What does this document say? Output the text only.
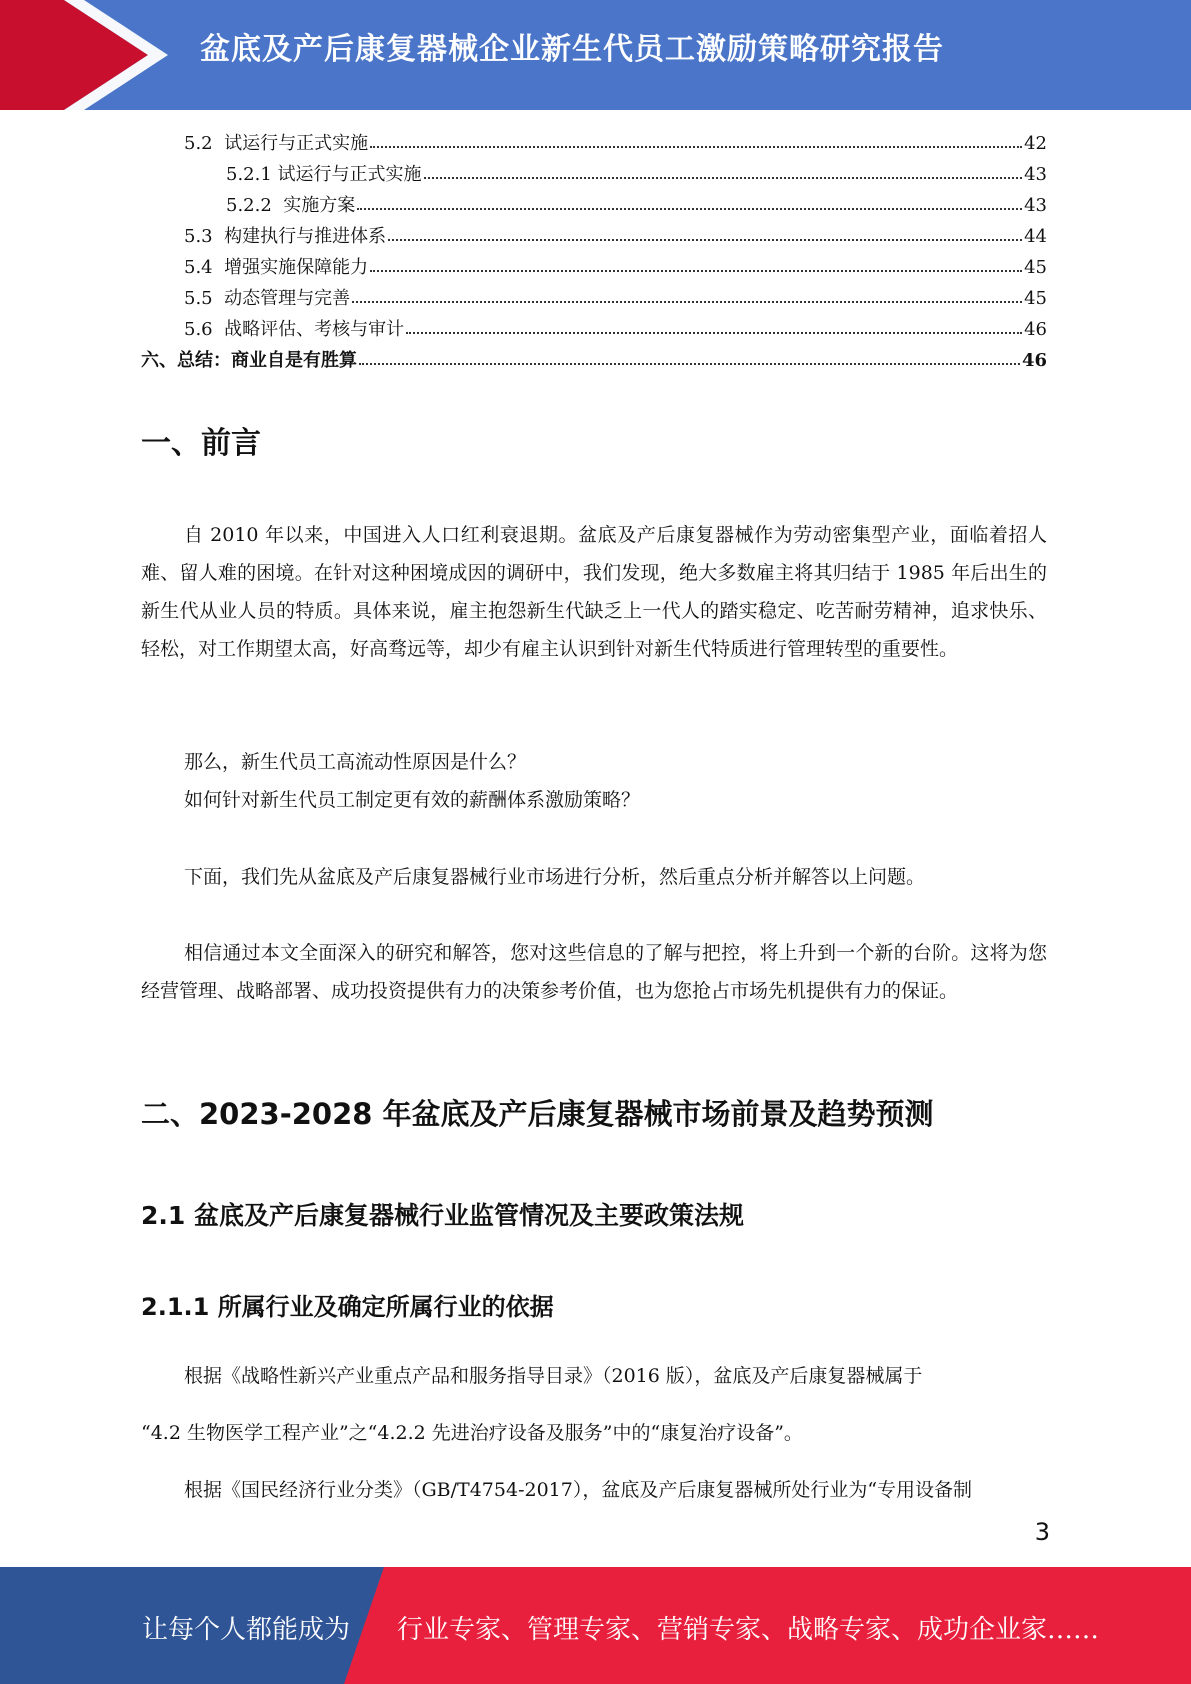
盆底及产后康复器械企业新生代员工激励策略研究报告
5.2 试运行与正式实施	42
5.2.1 试运行与正式实施	43
5.2.2 实施方案	43
5.3 构建执行与推进体系	44
5.4 增强实施保障能力	45
5.5 动态管理与完善	45
5.6 战略评估、考核与审计	46
六、总结：商业自是有胜算	46
一、前言

自 2010 年以来，中国进入人口红利衰退期。盆底及产后康复器械作为劳动密集型产业，面临着招人难、留人难的困境。在针对这种困境成因的调研中，我们发现，绝大多数雇主将其归结于 1985 年后出生的新生代从业人员的特质。具体来说，雇主抱怨新生代缺乏上一代人的踏实稳定、吃苦耐劳精神，追求快乐、轻松，对工作期望太高，好高骛远等，却少有雇主认识到针对新生代特质进行管理转型的重要性。

那么，新生代员工高流动性原因是什么？

如何针对新生代员工制定更有效的薪酬体系激励策略？

下面，我们先从盆底及产后康复器械行业市场进行分析，然后重点分析并解答以上问题。

相信通过本文全面深入的研究和解答，您对这些信息的了解与把控，将上升到一个新的台阶。这将为您经营管理、战略部署、成功投资提供有力的决策参考价值，也为您抢占市场先机提供有力的保证。

二、2023-2028 年盆底及产后康复器械市场前景及趋势预测
2.1 盆底及产后康复器械行业监管情况及主要政策法规
2.1.1 所属行业及确定所属行业的依据

根据《战略性新兴产业重点产品和服务指导目录》（2016 版），盆底及产后康复器械属于

“4.2 生物医学工程产业”之“4.2.2 先进治疗设备及服务”中的“康复治疗设备”。

根据《国民经济行业分类》（GB/T4754-2017），盆底及产后康复器械所处行业为“专用设备制

3
让每个人都能成为 行业专家、管理专家、营销专家、战略专家、成功企业家……
